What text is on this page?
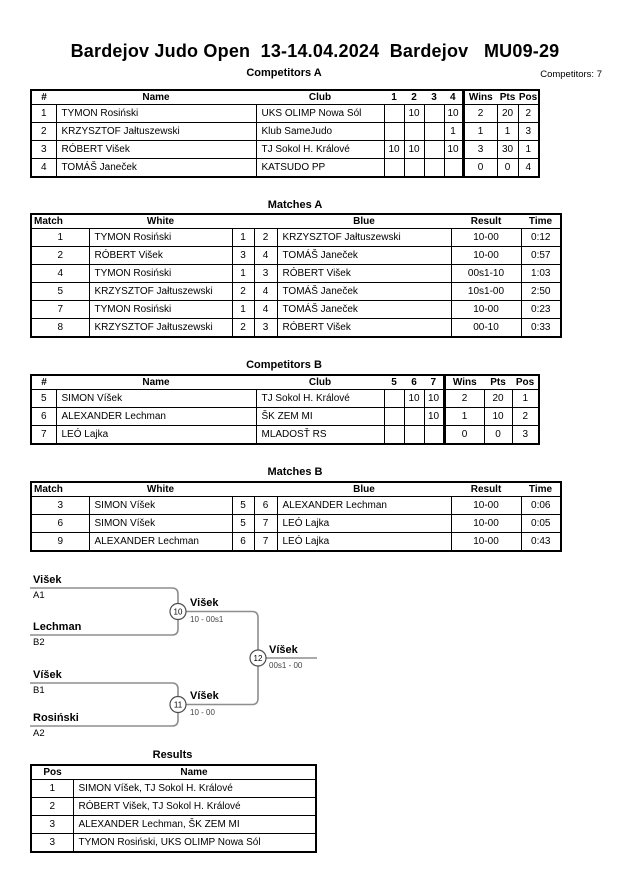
Bardejov Judo Open  13-14.04.2024  Bardejov   MU09-29
Competitors: 7
Competitors A
#	Name	Club	1	2	3	4	Wins	Pts	Pos
1	TYMON Rosiński	UKS OLIMP Nowa Sól		10		10	2	20	2
2	KRZYSZTOF Jałtuszewski	Klub SameJudo				1	1	1	3
3	RÓBERT Višek	TJ Sokol H. Králové	10	10		10	3	30	1
4	TOMÁŠ Janeček	KATSUDO PP					0	0	4
Matches A
Match	White			Blue	Result	Time
1	TYMON Rosiński	1	2	KRZYSZTOF Jałtuszewski	10-00	0:12
2	RÓBERT Višek	3	4	TOMÁŠ Janeček	10-00	0:57
4	TYMON Rosiński	1	3	RÓBERT Višek	00s1-10	1:03
5	KRZYSZTOF Jałtuszewski	2	4	TOMÁŠ Janeček	10s1-00	2:50
7	TYMON Rosiński	1	4	TOMÁŠ Janeček	10-00	0:23
8	KRZYSZTOF Jałtuszewski	2	3	RÓBERT Višek	00-10	0:33
Competitors B
#	Name	Club	5	6	7	Wins	Pts	Pos
5	SIMON Víšek	TJ Sokol H. Králové		10	10	2	20	1
6	ALEXANDER Lechman	ŠK ZEM MI			10	1	10	2
7	LEÓ Lajka	MLADOSŤ RS				0	0	3
Matches B
Match	White			Blue	Result	Time
3	SIMON Víšek	5	6	ALEXANDER Lechman	10-00	0:06
6	SIMON Víšek	5	7	LEÓ Lajka	10-00	0:05
9	ALEXANDER Lechman	6	7	LEÓ Lajka	10-00	0:43
10
11
12
Višek
A1
Lechman
B2
Víšek
B1
Rosiński
A2
Višek
10 - 00s1
Víšek
10 - 00
Víšek
00s1 - 00
Results
Pos	Name
1	SIMON Víšek, TJ Sokol H. Králové
2	RÓBERT Višek, TJ Sokol H. Králové
3	ALEXANDER Lechman, ŠK ZEM MI
3	TYMON Rosiński, UKS OLIMP Nowa Sól
